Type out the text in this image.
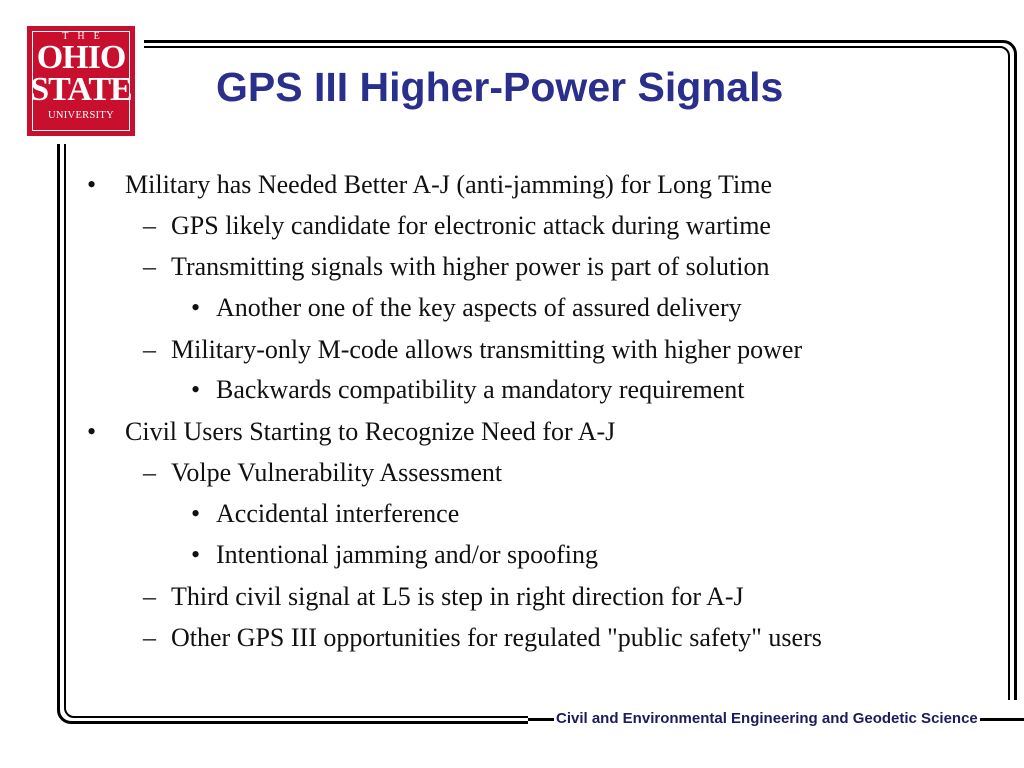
THE
OHIO
STATE
UNIVERSITY
GPS III Higher-Power Signals
• Military has Needed Better A-J (anti-jamming) for Long Time
– GPS likely candidate for electronic attack during wartime
– Transmitting signals with higher power is part of solution
• Another one of the key aspects of assured delivery
– Military-only M-code allows transmitting with higher power
• Backwards compatibility a mandatory requirement
• Civil Users Starting to Recognize Need for A-J
– Volpe Vulnerability Assessment
• Accidental interference
• Intentional jamming and/or spoofing
– Third civil signal at L5 is step in right direction for A-J
– Other GPS III opportunities for regulated "public safety" users
Civil and Environmental Engineering and Geodetic Science
